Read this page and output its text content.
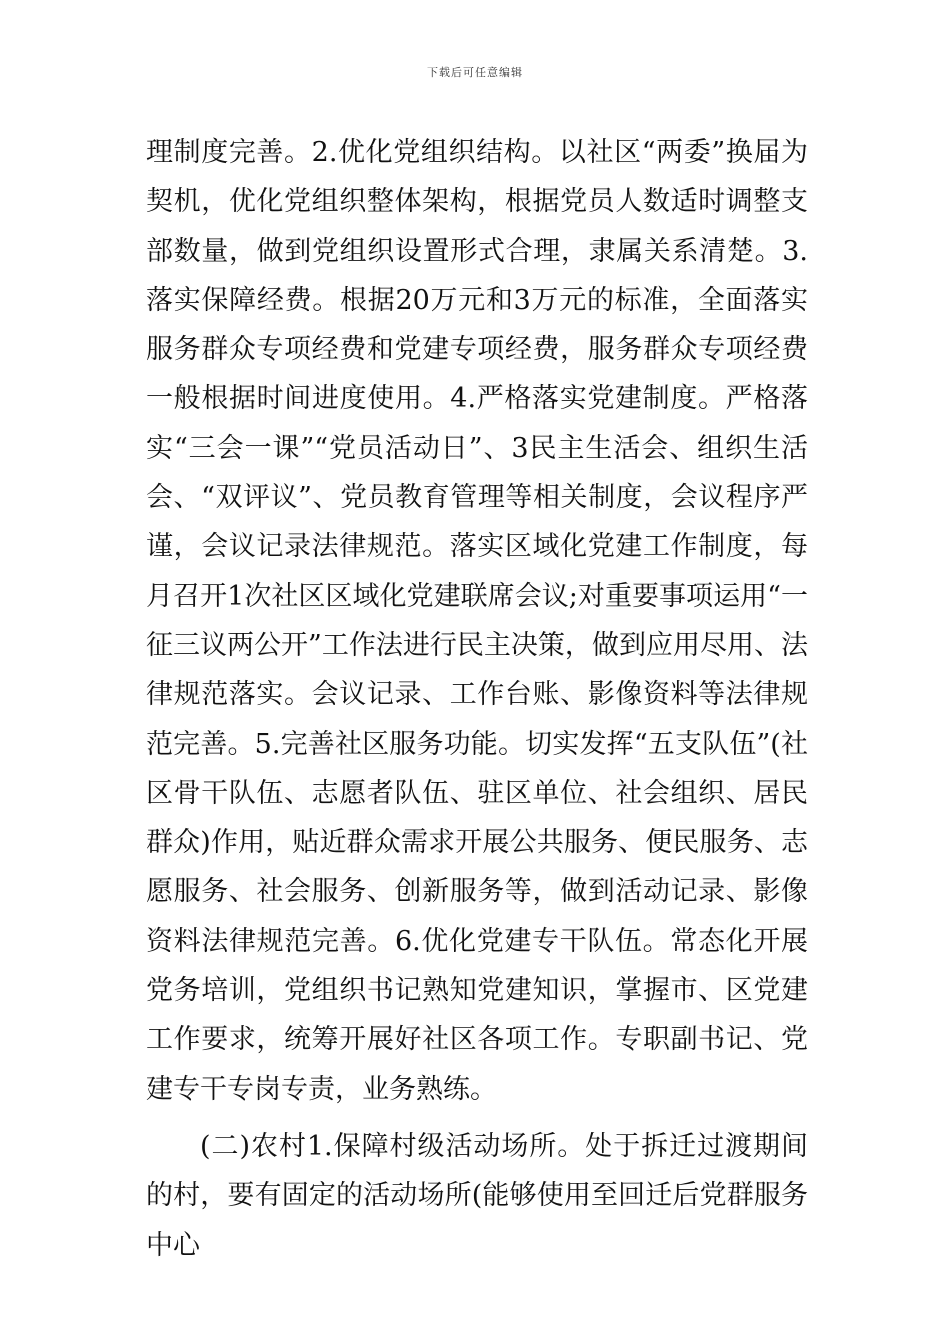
下载后可任意编辑

理制度完善。2.优化党组织结构。以社区“两委”换届为契机，优化党组织整体架构，根据党员人数适时调整支部数量，做到党组织设置形式合理，隶属关系清楚。3.落实保障经费。根据20万元和3万元的标准，全面落实服务群众专项经费和党建专项经费，服务群众专项经费一般根据时间进度使用。4.严格落实党建制度。严格落实“三会一课”“党员活动日”、3民主生活会、组织生活会、“双评议”、党员教育管理等相关制度，会议程序严谨，会议记录法律规范。落实区域化党建工作制度，每月召开1次社区区域化党建联席会议;对重要事项运用“一征三议两公开”工作法进行民主决策，做到应用尽用、法律规范落实。会议记录、工作台账、影像资料等法律规范完善。5.完善社区服务功能。切实发挥“五支队伍”(社区骨干队伍、志愿者队伍、驻区单位、社会组织、居民群众)作用，贴近群众需求开展公共服务、便民服务、志愿服务、社会服务、创新服务等，做到活动记录、影像资料法律规范完善。6.优化党建专干队伍。常态化开展党务培训，党组织书记熟知党建知识，掌握市、区党建工作要求，统筹开展好社区各项工作。专职副书记、党建专干专岗专责，业务熟练。

(二)农村1.保障村级活动场所。处于拆迁过渡期间的村，要有固定的活动场所(能够使用至回迁后党群服务中心
